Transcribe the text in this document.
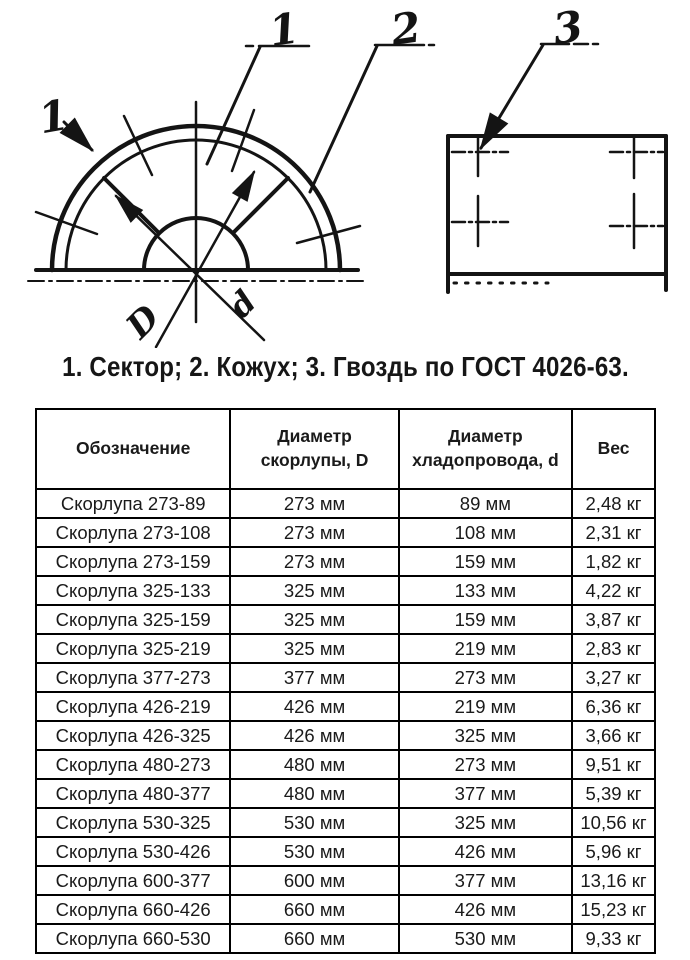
1
1 2	3
D d
1. Сектор; 2. Кожух; 3. Гвоздь по ГОСТ 4026-63.
Обозначение	Диаметр скорлупы, D	Диаметр хладопровода, d	Вес
Скорлупа 273-89	273 мм	89 мм	2,48 кг
Скорлупа 273-108	273 мм	108 мм	2,31 кг
Скорлупа 273-159	273 мм	159 мм	1,82 кг
Скорлупа 325-133	325 мм	133 мм	4,22 кг
Скорлупа 325-159	325 мм	159 мм	3,87 кг
Скорлупа 325-219	325 мм	219 мм	2,83 кг
Скорлупа 377-273	377 мм	273 мм	3,27 кг
Скорлупа 426-219	426 мм	219 мм	6,36 кг
Скорлупа 426-325	426 мм	325 мм	3,66 кг
Скорлупа 480-273	480 мм	273 мм	9,51 кг
Скорлупа 480-377	480 мм	377 мм	5,39 кг
Скорлупа 530-325	530 мм	325 мм	10,56 кг
Скорлупа 530-426	530 мм	426 мм	5,96 кг
Скорлупа 600-377	600 мм	377 мм	13,16 кг
Скорлупа 660-426	660 мм	426 мм	15,23 кг
Скорлупа 660-530	660 мм	530 мм	9,33 кг
